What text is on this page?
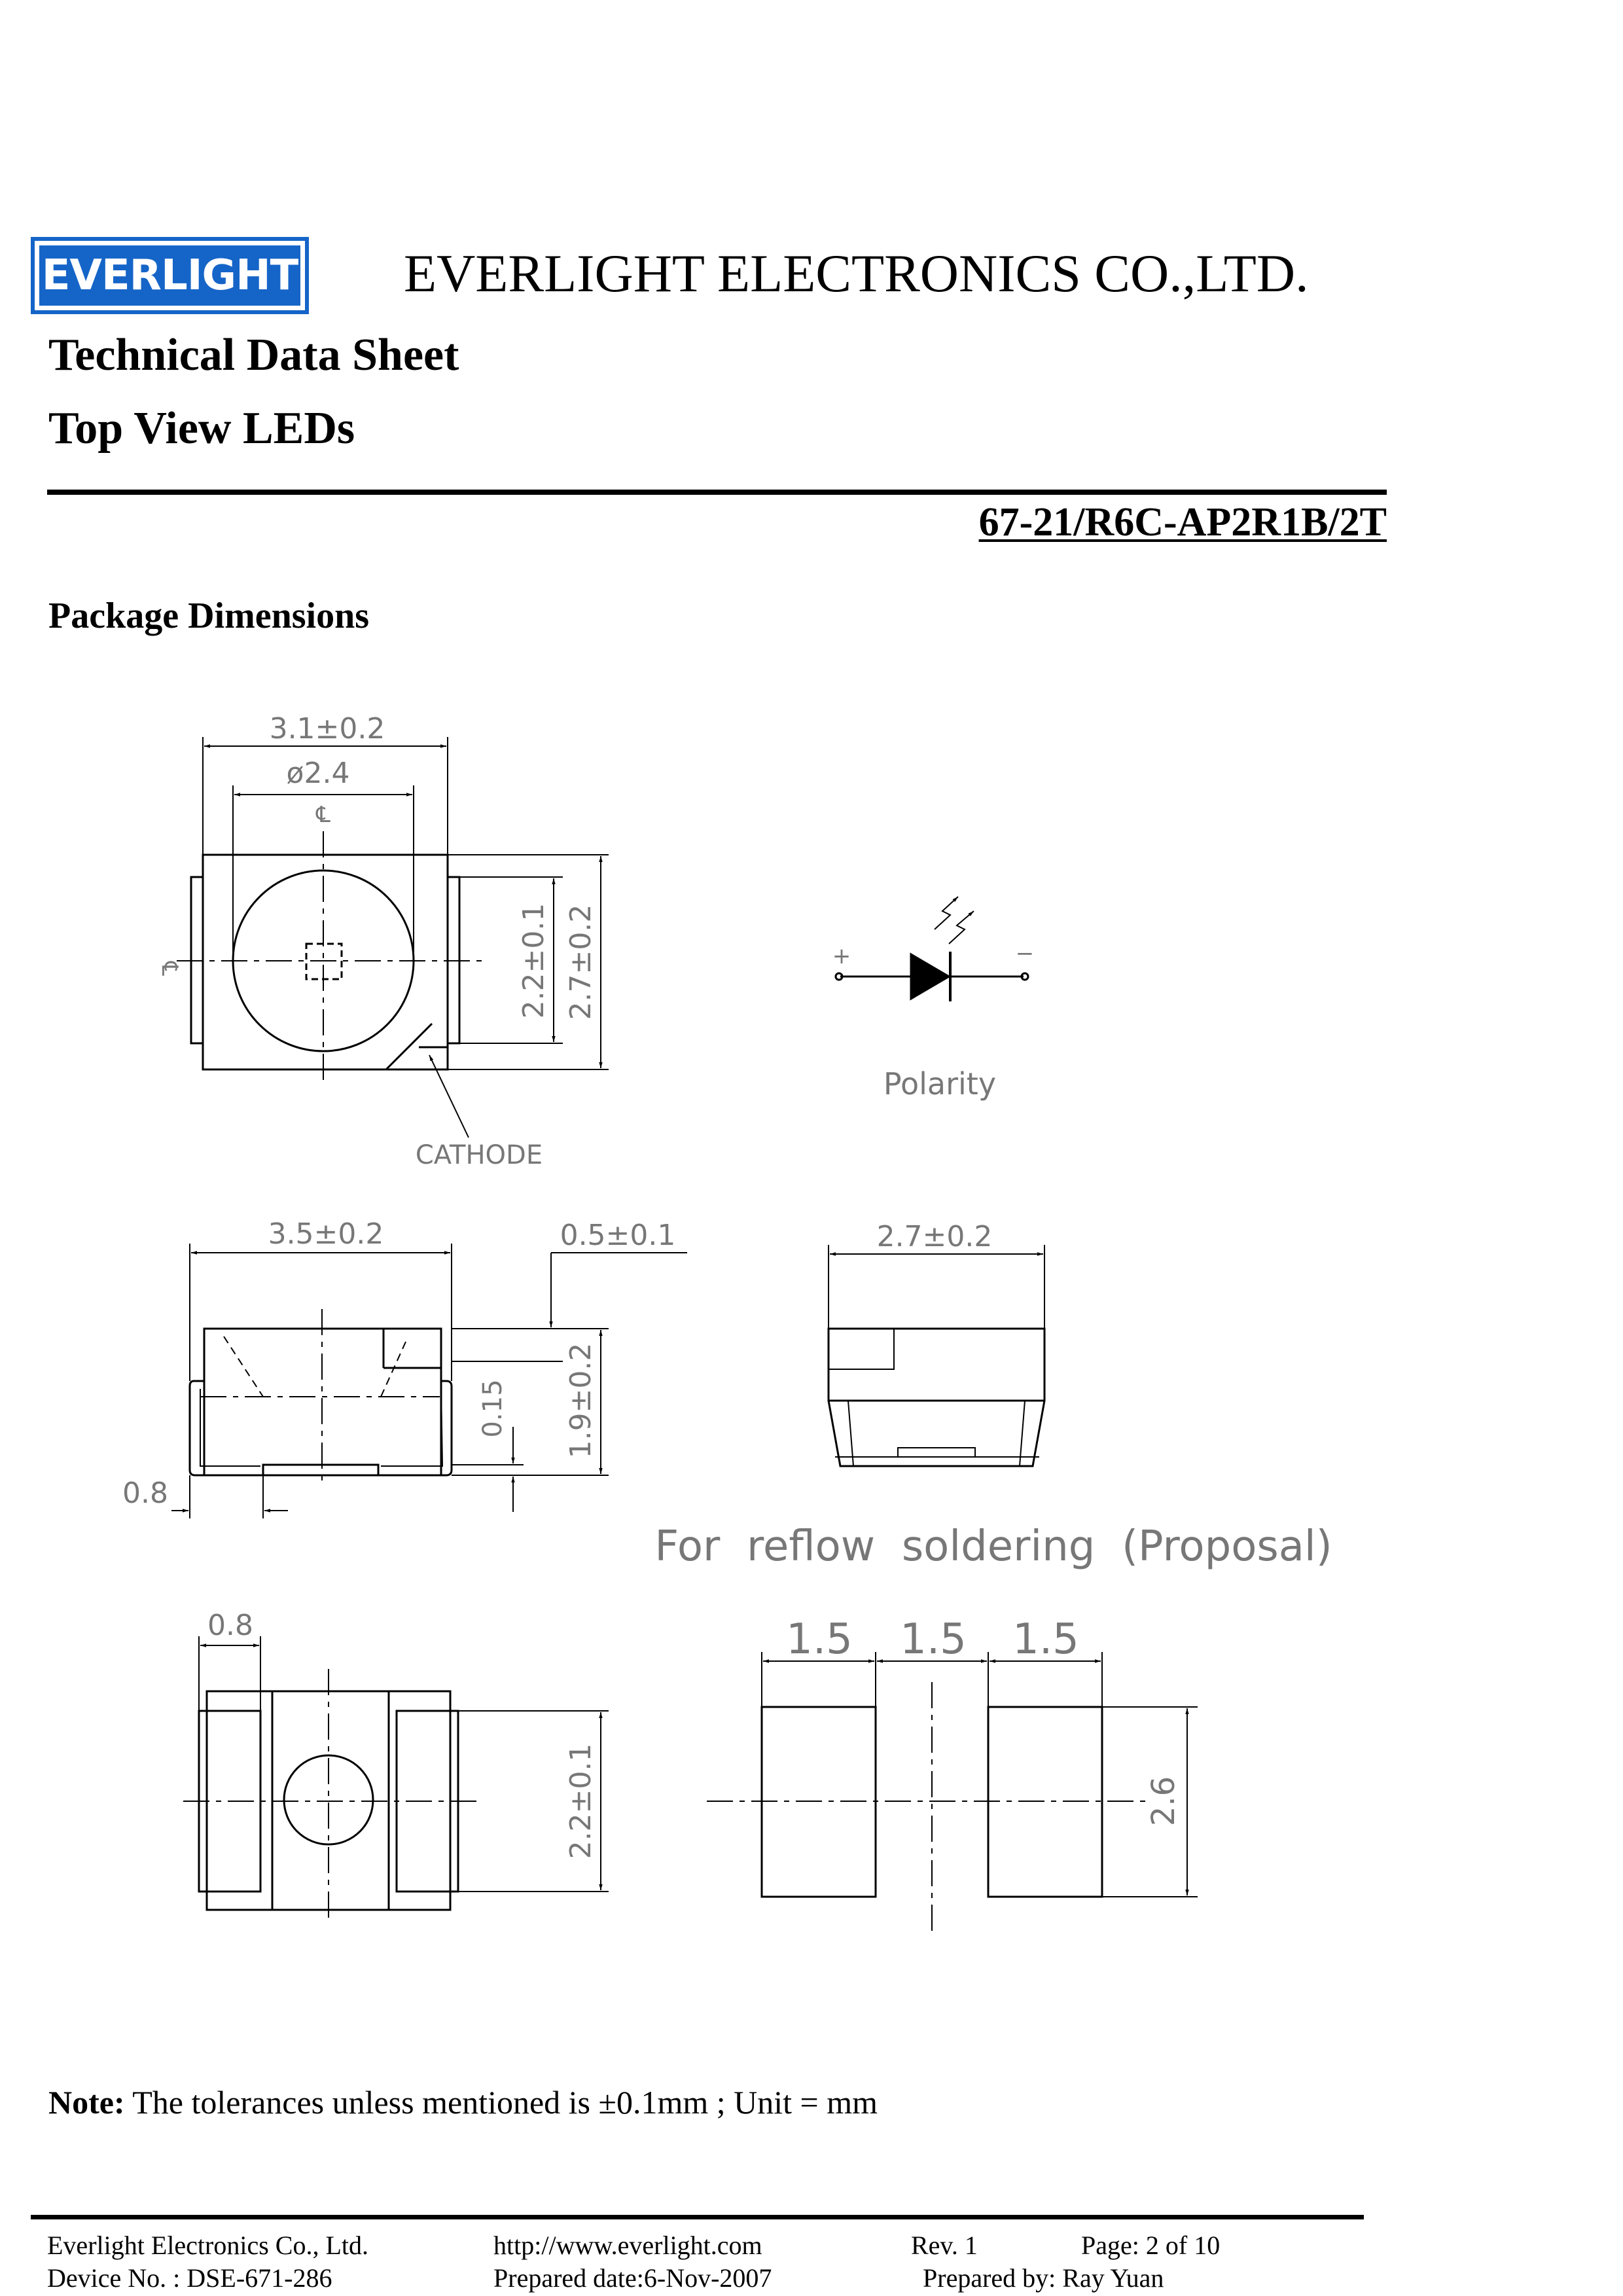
EVERLIGHT EVERLIGHT ELECTRONICS CO.,LTD.
Technical Data Sheet
Top View LEDs
67-21/R6C-AP2R1B/2T
Package Dimensions
3.1±0.2
ø2.4
℄
℄	2.2±0.1 2.7±0.2
CATHODE
+	−
Polarity
3.5±0.2	0.5±0.1
0.15 1.9±0.2
0.8
2.7±0.2
For  reflow  soldering  (Proposal)
0.8
2.2±0.1
1.5 1.5 1.5
2.6
Note: The tolerances unless mentioned is ±0.1mm ; Unit = mm
Everlight Electronics Co., Ltd.	http://www.everlight.com	Rev. 1	Page: 2 of 10
Device No. : DSE-671-286	Prepared date:6-Nov-2007	Prepared by: Ray Yuan
